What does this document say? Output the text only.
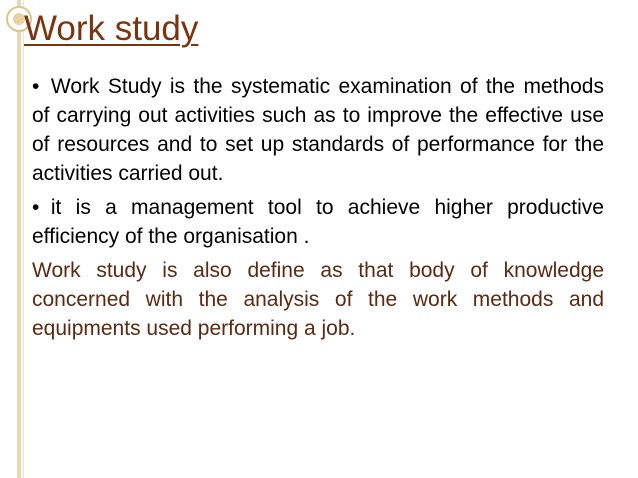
Work study

• Work Study is the systematic examination of the methods of carrying out activities such as to improve the effective use of resources and to set up standards of performance for the activities carried out.

• it is a management tool to achieve higher productive efficiency of the organisation .

Work study is also define as that body of knowledge concerned with the analysis of the work methods and equipments used performing a job.
